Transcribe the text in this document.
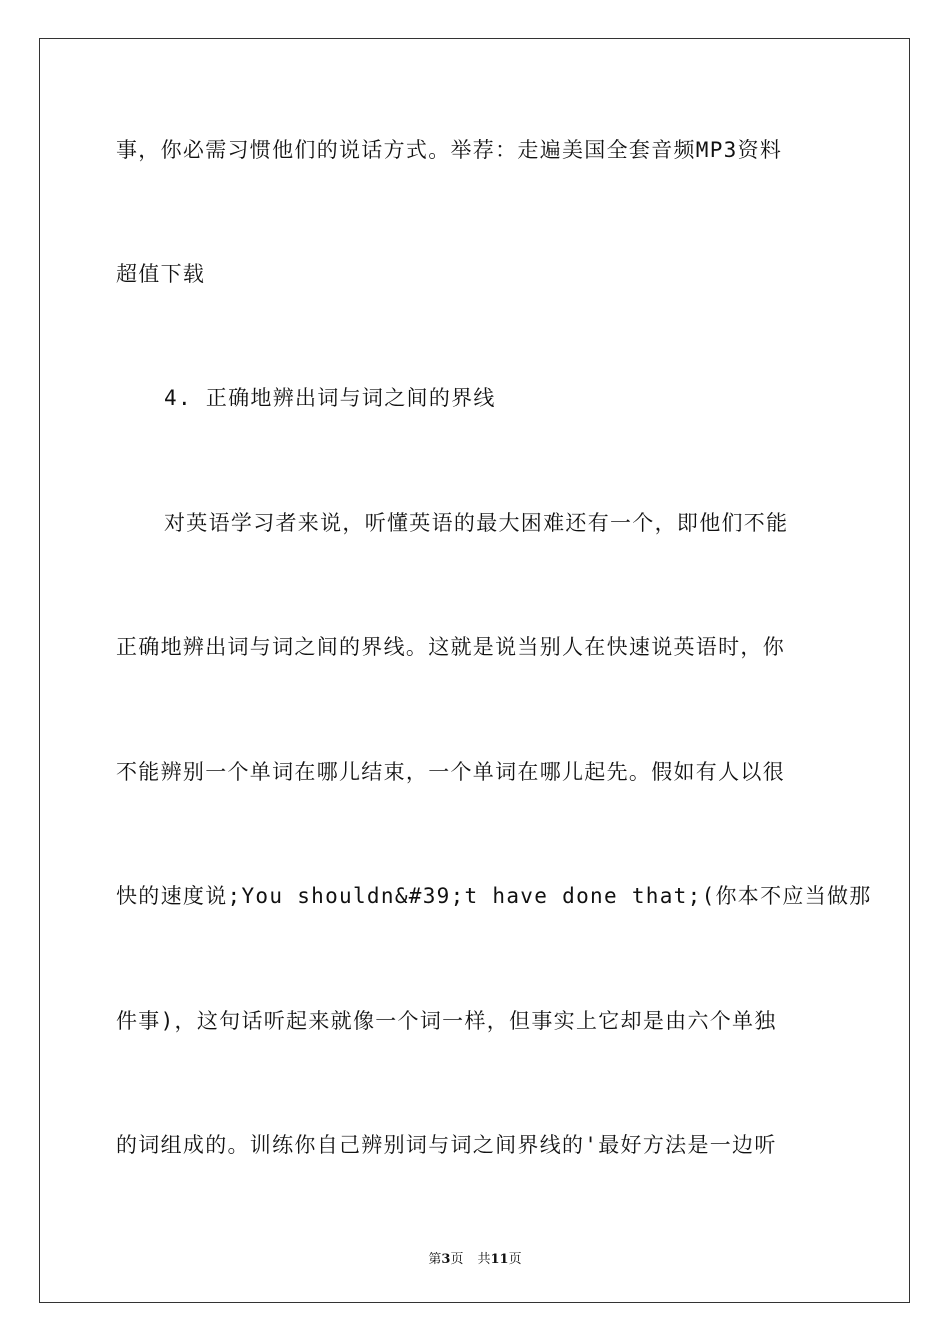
事，你必需习惯他们的说话方式。举荐：走遍美国全套音频MP3资料
超值下载
4. 正确地辨出词与词之间的界线
对英语学习者来说，听懂英语的最大困难还有一个，即他们不能
正确地辨出词与词之间的界线。这就是说当别人在快速说英语时，你
不能辨别一个单词在哪儿结束，一个单词在哪儿起先。假如有人以很
快的速度说;You shouldn&#39;t have done that;(你本不应当做那
件事)，这句话听起来就像一个词一样，但事实上它却是由六个单独
的词组成的。训练你自己辨别词与词之间界线的'最好方法是一边听
第3页 共11页
